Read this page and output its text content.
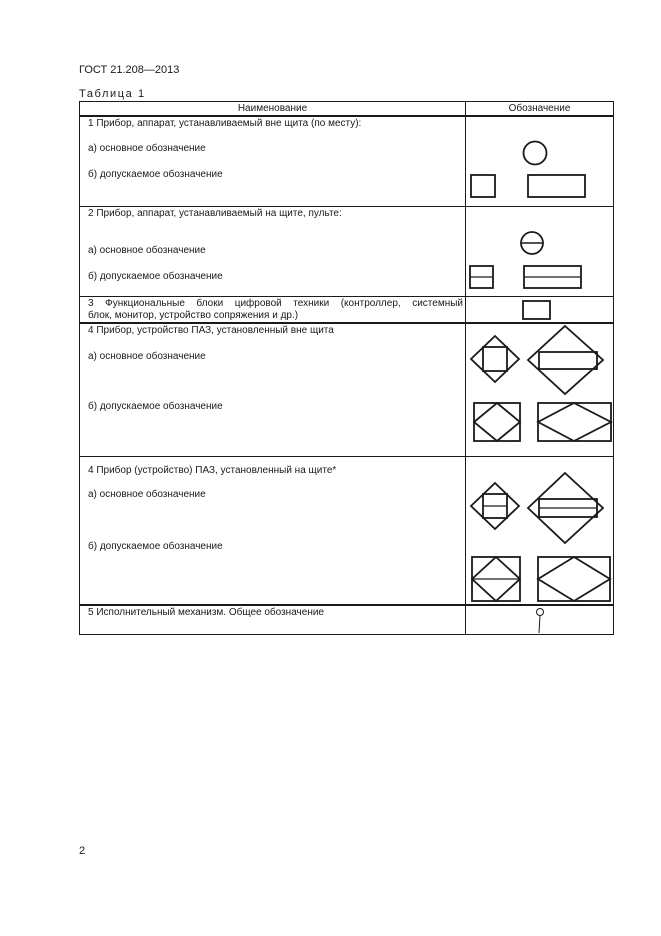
ГОСТ 21.208—2013
Таблица 1
Наименование	Обозначение

1 Прибор, аппарат, устанавливаемый вне щита (по месту):
а) основное обозначение
б) допускаемое обозначение

2 Прибор, аппарат, устанавливаемый на щите, пульте:
а) основное обозначение
б) допускаемое обозначение

3 Функциональные блоки цифровой техники (контроллер, системный
блок, монитор, устройство сопряжения и др.)

4 Прибор, устройство ПАЗ, установленный вне щита
а) основное обозначение
б) допускаемое обозначение

4 Прибор (устройство) ПАЗ, установленный на щите*
а) основное обозначение
б) допускаемое обозначение

5 Исполнительный механизм. Общее обозначение

2
